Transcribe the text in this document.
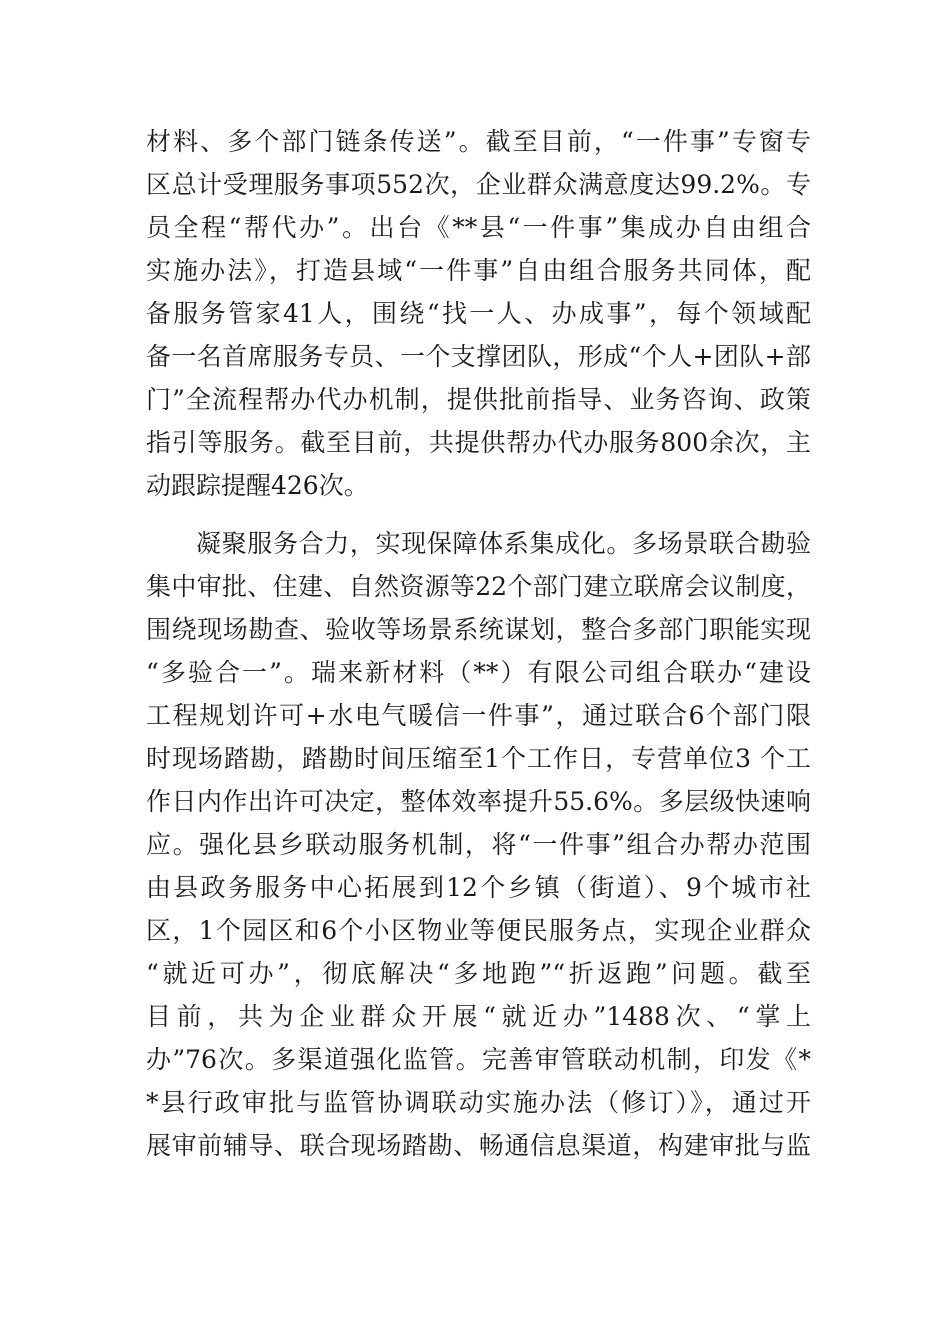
材料、多个部门链条传送”。截至目前，“一件事”专窗专
区总计受理服务事项552次，企业群众满意度达99.2%。专
员全程“帮代办”。出台《**县“一件事”集成办自由组合
实施办法》，打造县域“一件事”自由组合服务共同体，配
备服务管家41人，围绕“找一人、办成事”，每个领域配
备一名首席服务专员、一个支撑团队，形成“个人+团队+部
门”全流程帮办代办机制，提供批前指导、业务咨询、政策
指引等服务。截至目前，共提供帮办代办服务800余次，主
动跟踪提醒426次。
凝聚服务合力，实现保障体系集成化。多场景联合勘验
集中审批、住建、自然资源等22个部门建立联席会议制度，
围绕现场勘查、验收等场景系统谋划，整合多部门职能实现
“多验合一”。瑞来新材料（**）有限公司组合联办“建设
工程规划许可+水电气暖信一件事”，通过联合6个部门限
时现场踏勘，踏勘时间压缩至1个工作日，专营单位3 个工
作日内作出许可决定，整体效率提升55.6%。多层级快速响
应。强化县乡联动服务机制，将“一件事”组合办帮办范围
由县政务服务中心拓展到12个乡镇（街道）、9个城市社
区，1个园区和6个小区物业等便民服务点，实现企业群众
“就近可办”，彻底解决“多地跑”“折返跑”问题。截至
目前，共为企业群众开展“就近办”1488次、“掌上
办”76次。多渠道强化监管。完善审管联动机制，印发《*
*县行政审批与监管协调联动实施办法（修订）》，通过开
展审前辅导、联合现场踏勘、畅通信息渠道，构建审批与监
